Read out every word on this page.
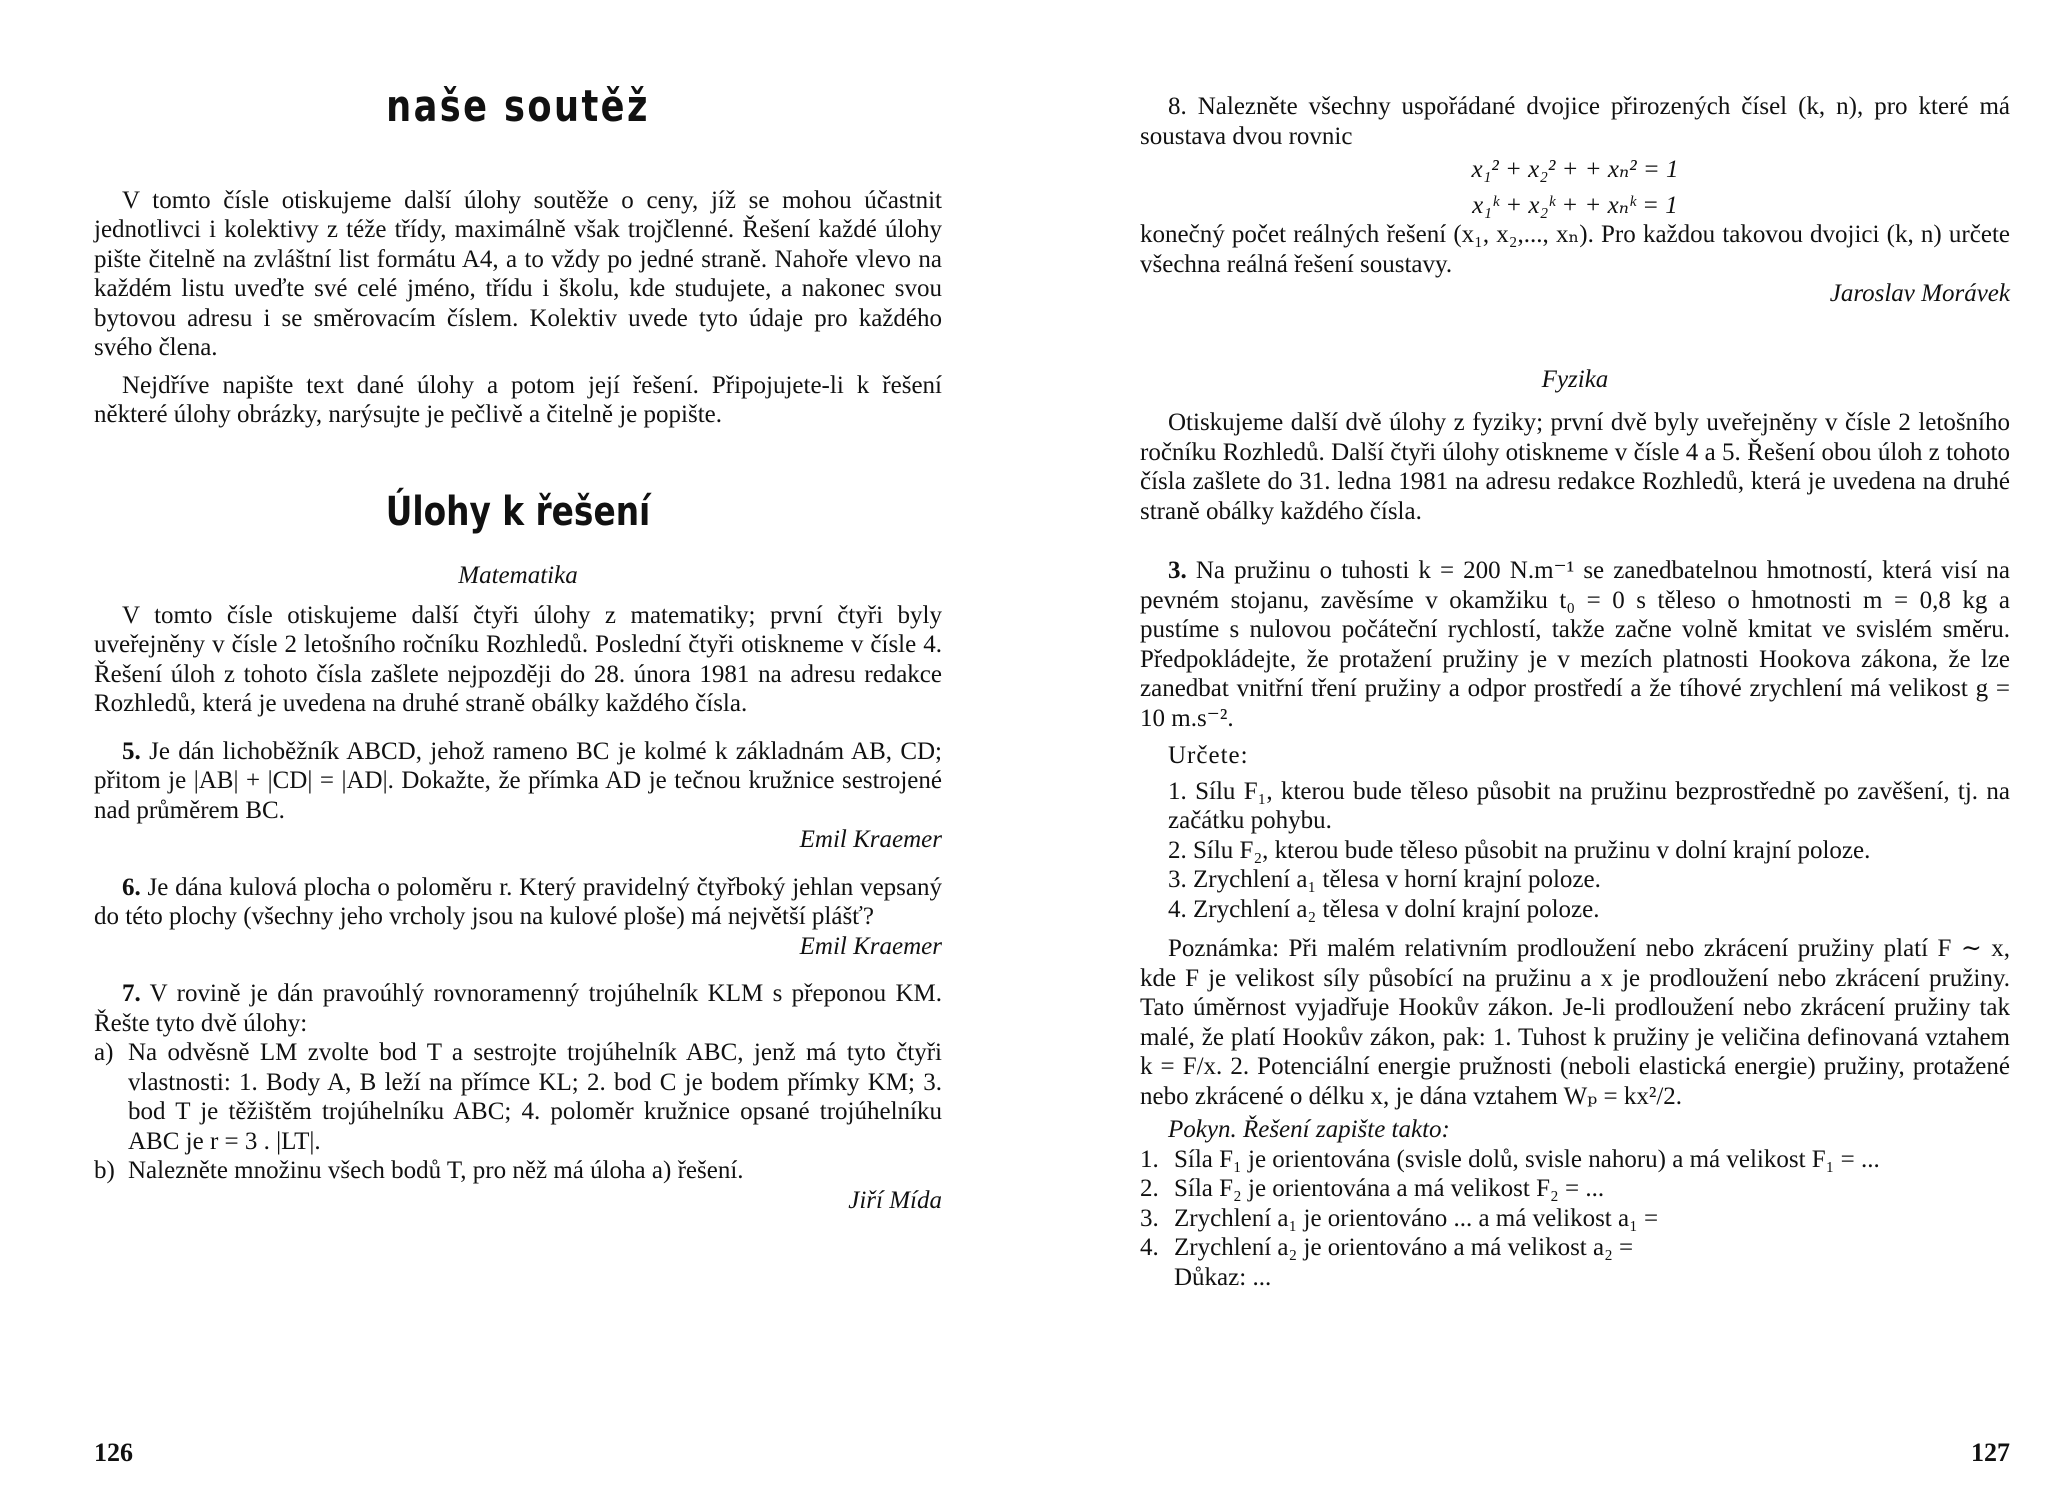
naše soutěž

V tomto čísle otiskujeme další úlohy soutěže o ceny, jíž se mohou účastnit jednotlivci i kolektivy z téže třídy, maximálně však trojčlenné. Řešení každé úlohy pište čitelně na zvláštní list formátu A4, a to vždy po jedné straně. Nahoře vlevo na každém listu uveďte své celé jméno, třídu i školu, kde studujete, a nakonec svou bytovou adresu i se směrovacím číslem. Kolektiv uvede tyto údaje pro každého svého člena.

Nejdříve napište text dané úlohy a potom její řešení. Připojujete-li k řešení některé úlohy obrázky, narýsujte je pečlivě a čitelně je popište.

Úlohy k řešení

Matematika

V tomto čísle otiskujeme další čtyři úlohy z matematiky; první čtyři byly uveřejněny v čísle 2 letošního ročníku Rozhledů. Poslední čtyři otiskneme v čísle 4. Řešení úloh z tohoto čísla zašlete nejpozději do 28. února 1981 na adresu redakce Rozhledů, která je uvedena na druhé straně obálky každého čísla.

5. Je dán lichoběžník ABCD, jehož rameno BC je kolmé k základnám AB, CD; přitom je |AB| + |CD| = |AD|. Dokažte, že přímka AD je tečnou kružnice sestrojené nad průměrem BC.

Emil Kraemer

6. Je dána kulová plocha o poloměru r. Který pravidelný čtyřboký jehlan vepsaný do této plochy (všechny jeho vrcholy jsou na kulové ploše) má největší plášť?

Emil Kraemer

7. V rovině je dán pravoúhlý rovnoramenný trojúhelník KLM s přeponou KM. Řešte tyto dvě úlohy:

a) Na odvěsně LM zvolte bod T a sestrojte trojúhelník ABC, jenž má tyto čtyři vlastnosti: 1. Body A, B leží na přímce KL; 2. bod C je bodem přímky KM; 3. bod T je těžištěm trojúhelníku ABC; 4. poloměr kružnice opsané trojúhelníku ABC je r = 3 . |LT|.

b) Nalezněte množinu všech bodů T, pro něž má úloha a) řešení.

Jiří Mída

126

8. Nalezněte všechny uspořádané dvojice přirozených čísel (k, n), pro které má soustava dvou rovnic

x₁² + x₂² + + xₙ² = 1

x₁ᵏ + x₂ᵏ + + xₙᵏ = 1

konečný počet reálných řešení (x₁, x₂,..., xₙ). Pro každou takovou dvojici (k, n) určete všechna reálná řešení soustavy.

Jaroslav Morávek

Fyzika

Otiskujeme další dvě úlohy z fyziky; první dvě byly uveřejněny v čísle 2 letošního ročníku Rozhledů. Další čtyři úlohy otiskneme v čísle 4 a 5. Řešení obou úloh z tohoto čísla zašlete do 31. ledna 1981 na adresu redakce Rozhledů, která je uvedena na druhé straně obálky každého čísla.

3. Na pružinu o tuhosti k = 200 N.m⁻¹ se zanedbatelnou hmotností, která visí na pevném stojanu, zavěsíme v okamžiku t₀ = 0 s těleso o hmotnosti m = 0,8 kg a pustíme s nulovou počáteční rychlostí, takže začne volně kmitat ve svislém směru. Předpokládejte, že protažení pružiny je v mezích platnosti Hookova zákona, že lze zanedbat vnitřní tření pružiny a odpor prostředí a že tíhové zrychlení má velikost g = 10 m.s⁻².

Určete:

1. Sílu F₁, kterou bude těleso působit na pružinu bezprostředně po zavěšení, tj. na začátku pohybu.

2. Sílu F₂, kterou bude těleso působit na pružinu v dolní krajní poloze.

3. Zrychlení a₁ tělesa v horní krajní poloze.

4. Zrychlení a₂ tělesa v dolní krajní poloze.

Poznámka: Při malém relativním prodloužení nebo zkrácení pružiny platí F ∼ x, kde F je velikost síly působící na pružinu a x je prodloužení nebo zkrácení pružiny. Tato úměrnost vyjadřuje Hookův zákon. Je-li prodloužení nebo zkrácení pružiny tak malé, že platí Hookův zákon, pak: 1. Tuhost k pružiny je veličina definovaná vztahem k = F/x. 2. Potenciální energie pružnosti (neboli elastická energie) pružiny, protažené nebo zkrácené o délku x, je dána vztahem Wₚ = kx²/2.

Pokyn. Řešení zapište takto:

1. Síla F₁ je orientována (svisle dolů, svisle nahoru) a má velikost F₁ = ...

2. Síla F₂ je orientována a má velikost F₂ = ...

3. Zrychlení a₁ je orientováno ... a má velikost a₁ =

4. Zrychlení a₂ je orientováno a má velikost a₂ =

Důkaz: ...

127
